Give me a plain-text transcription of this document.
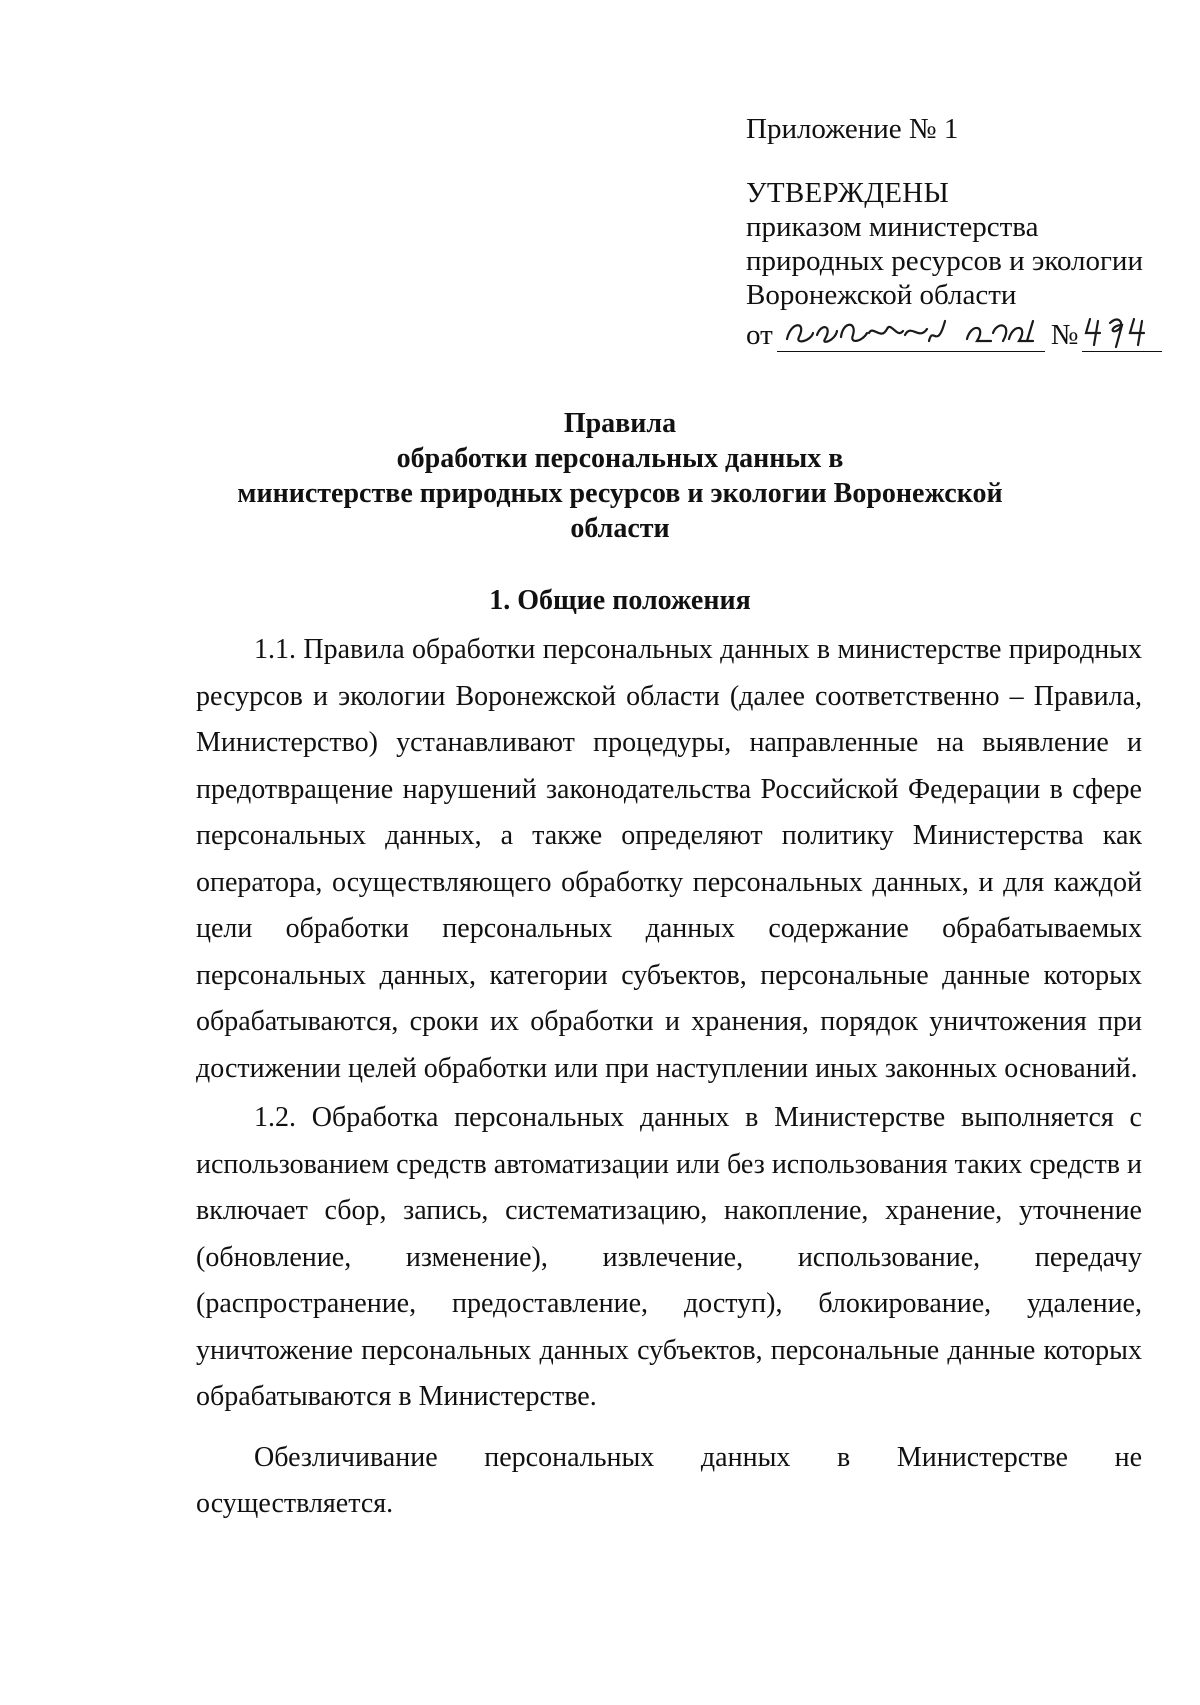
Приложение № 1
УТВЕРЖДЕНЫ
приказом министерства
природных ресурсов и экологии
Воронежской области
от	№
Правила
обработки персональных данных в
министерстве природных ресурсов и экологии Воронежской
области
1. Общие положения

1.1. Правила обработки персональных данных в министерстве природных ресурсов и экологии Воронежской области (далее соответственно – Правила, Министерство) устанавливают процедуры, направленные на выявление и предотвращение нарушений законодательства Российской Федерации в сфере персональных данных, а также определяют политику Министерства как оператора, осуществляющего обработку персональных данных, и для каждой цели обработки персональных данных содержание обрабатываемых персональных данных, категории субъектов, персональные данные которых обрабатываются, сроки их обработки и хранения, порядок уничтожения при достижении целей обработки или при наступлении иных законных оснований.

1.2. Обработка персональных данных в Министерстве выполняется с использованием средств автоматизации или без использования таких средств и включает сбор, запись, систематизацию, накопление, хранение, уточнение (обновление, изменение), извлечение, использование, передачу (распространение, предоставление, доступ), блокирование, удаление, уничтожение персональных данных субъектов, персональные данные которых обрабатываются в Министерстве.

Обезличивание персональных данных в Министерстве не осуществляется.
